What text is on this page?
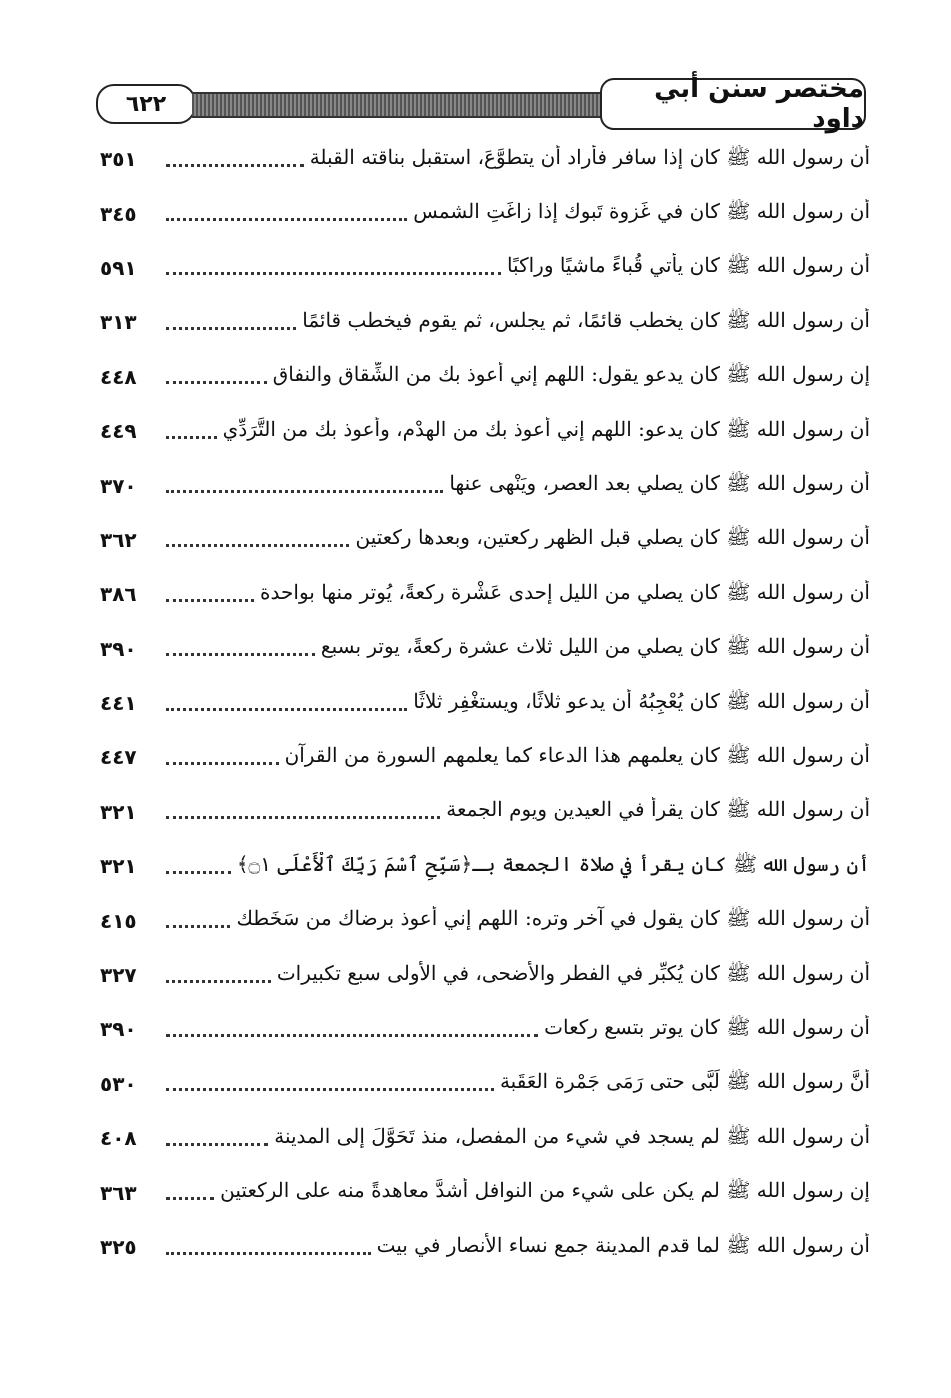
٦٢٢	مختصر سنن أبي داود
أن رسول الله ﷺ كان إذا سافر فأراد أن يتطوَّعَ، استقبل بناقته القبلة
٣٥١
أن رسول الله ﷺ كان في غَزوة تَبوك إذا زاغَتِ الشمس
٣٤٥
أن رسول الله ﷺ كان يأتي قُباءً ماشيًا وراكبًا
٥٩١
أن رسول الله ﷺ كان يخطب قائمًا، ثم يجلس، ثم يقوم فيخطب قائمًا
٣١٣
إن رسول الله ﷺ كان يدعو يقول: اللهم إني أعوذ بك من الشِّقاق والنفاق
٤٤٨
أن رسول الله ﷺ كان يدعو: اللهم إني أعوذ بك من الهدْم، وأعوذ بك من التَّرَدِّي
٤٤٩
أن رسول الله ﷺ كان يصلي بعد العصر، ويَنْهى عنها
٣٧٠
أن رسول الله ﷺ كان يصلي قبل الظهر ركعتين، وبعدها ركعتين
٣٦٢
أن رسول الله ﷺ كان يصلي من الليل إحدى عَشْرة ركعةً، يُوتر منها بواحدة
٣٨٦
أن رسول الله ﷺ كان يصلي من الليل ثلاث عشرة ركعةً، يوتر بسبع
٣٩٠
أن رسول الله ﷺ كان يُعْجِبُهُ أن يدعو ثلاثًا، ويستغْفِر ثلاثًا
٤٤١
أن رسول الله ﷺ كان يعلمهم هذا الدعاء كما يعلمهم السورة من القرآن
٤٤٧
أن رسول الله ﷺ كان يقرأ في العيدين ويوم الجمعة
٣٢١
أن رسول الله ﷺ كان يقرأ في صلاة الجمعة بـ﴿سَبِّحِ ٱسْمَ رَبِّكَ ٱلْأَعْلَى ۝١﴾
٣٢١
أن رسول الله ﷺ كان يقول في آخر وتره: اللهم إني أعوذ برضاك من سَخَطك
٤١٥
أن رسول الله ﷺ كان يُكبِّر في الفطر والأضحى، في الأولى سبع تكبيرات
٣٢٧
أن رسول الله ﷺ كان يوتر بتسع ركعات
٣٩٠
أنَّ رسول الله ﷺ لَبَّى حتى رَمَى جَمْرة العَقَبة
٥٣٠
أن رسول الله ﷺ لم يسجد في شيء من المفصل، منذ تَحَوَّلَ إلى المدينة
٤٠٨
إن رسول الله ﷺ لم يكن على شيء من النوافل أشدَّ معاهدةً منه على الركعتين
٣٦٣
أن رسول الله ﷺ لما قدم المدينة جمع نساء الأنصار في بيت
٣٢٥
